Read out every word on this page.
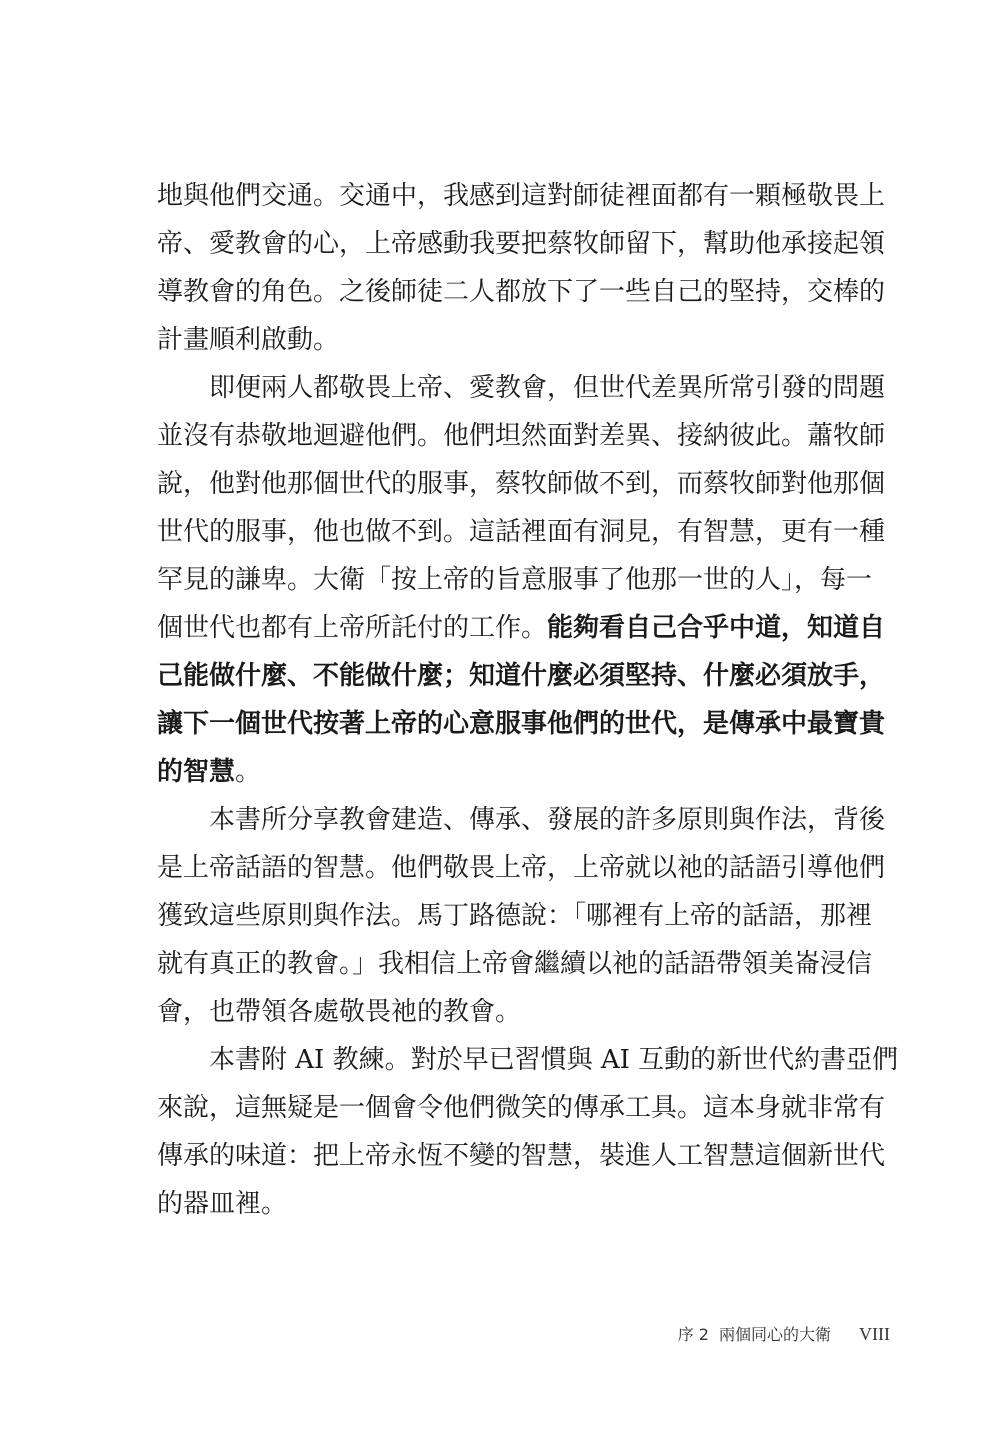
地與他們交通。交通中，我感到這對師徒裡面都有一顆極敬畏上
帝、愛教會的心，上帝感動我要把蔡牧師留下，幫助他承接起領
導教會的角色。之後師徒二人都放下了一些自己的堅持，交棒的
計畫順利啟動。
即便兩人都敬畏上帝、愛教會，但世代差異所常引發的問題
並沒有恭敬地迴避他們。他們坦然面對差異、接納彼此。蕭牧師
說，他對他那個世代的服事，蔡牧師做不到，而蔡牧師對他那個
世代的服事，他也做不到。這話裡面有洞見，有智慧，更有一種
罕見的謙卑。大衛「按上帝的旨意服事了他那一世的人」，每一
個世代也都有上帝所託付的工作。能夠看自己合乎中道，知道自
己能做什麼、不能做什麼；知道什麼必須堅持、什麼必須放手，
讓下一個世代按著上帝的心意服事他們的世代，是傳承中最寶貴
的智慧。
本書所分享教會建造、傳承、發展的許多原則與作法，背後
是上帝話語的智慧。他們敬畏上帝，上帝就以祂的話語引導他們
獲致這些原則與作法。馬丁路德說：「哪裡有上帝的話語，那裡
就有真正的教會。」我相信上帝會繼續以祂的話語帶領美崙浸信
會，也帶領各處敬畏祂的教會。
本書附 AI 教練。對於早已習慣與 AI 互動的新世代約書亞們
來說，這無疑是一個會令他們微笑的傳承工具。這本身就非常有
傳承的味道：把上帝永恆不變的智慧，裝進人工智慧這個新世代
的器皿裡。
序 2 兩個同心的大衛 VIII
